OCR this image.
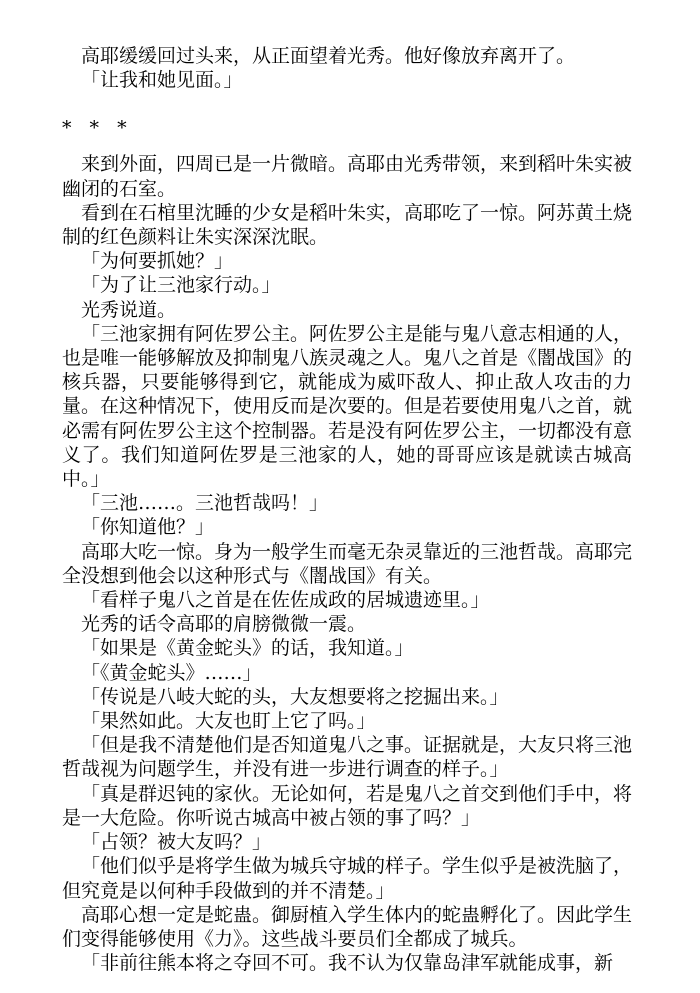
高耶缓缓回过头来，从正面望着光秀。他好像放弃离开了。

「让我和她见面。」

* * *

来到外面，四周已是一片微暗。高耶由光秀带领，来到稻叶朱实被幽闭的石室。

看到在石棺里沈睡的少女是稻叶朱实，高耶吃了一惊。阿苏黄土烧制的红色颜料让朱实深深沈眠。

「为何要抓她？」

「为了让三池家行动。」

光秀说道。

「三池家拥有阿佐罗公主。阿佐罗公主是能与鬼八意志相通的人，也是唯一能够解放及抑制鬼八族灵魂之人。鬼八之首是《闇战国》的核兵器，只要能够得到它，就能成为威吓敌人、抑止敌人攻击的力量。在这种情况下，使用反而是次要的。但是若要使用鬼八之首，就必需有阿佐罗公主这个控制器。若是没有阿佐罗公主，一切都没有意义了。我们知道阿佐罗是三池家的人，她的哥哥应该是就读古城高中。」

「三池……。三池哲哉吗！」

「你知道他？」

高耶大吃一惊。身为一般学生而毫无杂灵靠近的三池哲哉。高耶完全没想到他会以这种形式与《闇战国》有关。

「看样子鬼八之首是在佐佐成政的居城遗迹里。」

光秀的话令高耶的肩膀微微一震。

「如果是《黄金蛇头》的话，我知道。」

「《黄金蛇头》……」

「传说是八岐大蛇的头，大友想要将之挖掘出来。」

「果然如此。大友也盯上它了吗。」

「但是我不清楚他们是否知道鬼八之事。证据就是，大友只将三池哲哉视为问题学生，并没有进一步进行调查的样子。」

「真是群迟钝的家伙。无论如何，若是鬼八之首交到他们手中，将是一大危险。你听说古城高中被占领的事了吗？」

「占领？被大友吗？」

「他们似乎是将学生做为城兵守城的样子。学生似乎是被洗脑了，但究竟是以何种手段做到的并不清楚。」

高耶心想一定是蛇蛊。御厨植入学生体内的蛇蛊孵化了。因此学生们变得能够使用《力》。这些战斗要员们全都成了城兵。

「非前往熊本将之夺回不可。我不认为仅靠岛津军就能成事，新
